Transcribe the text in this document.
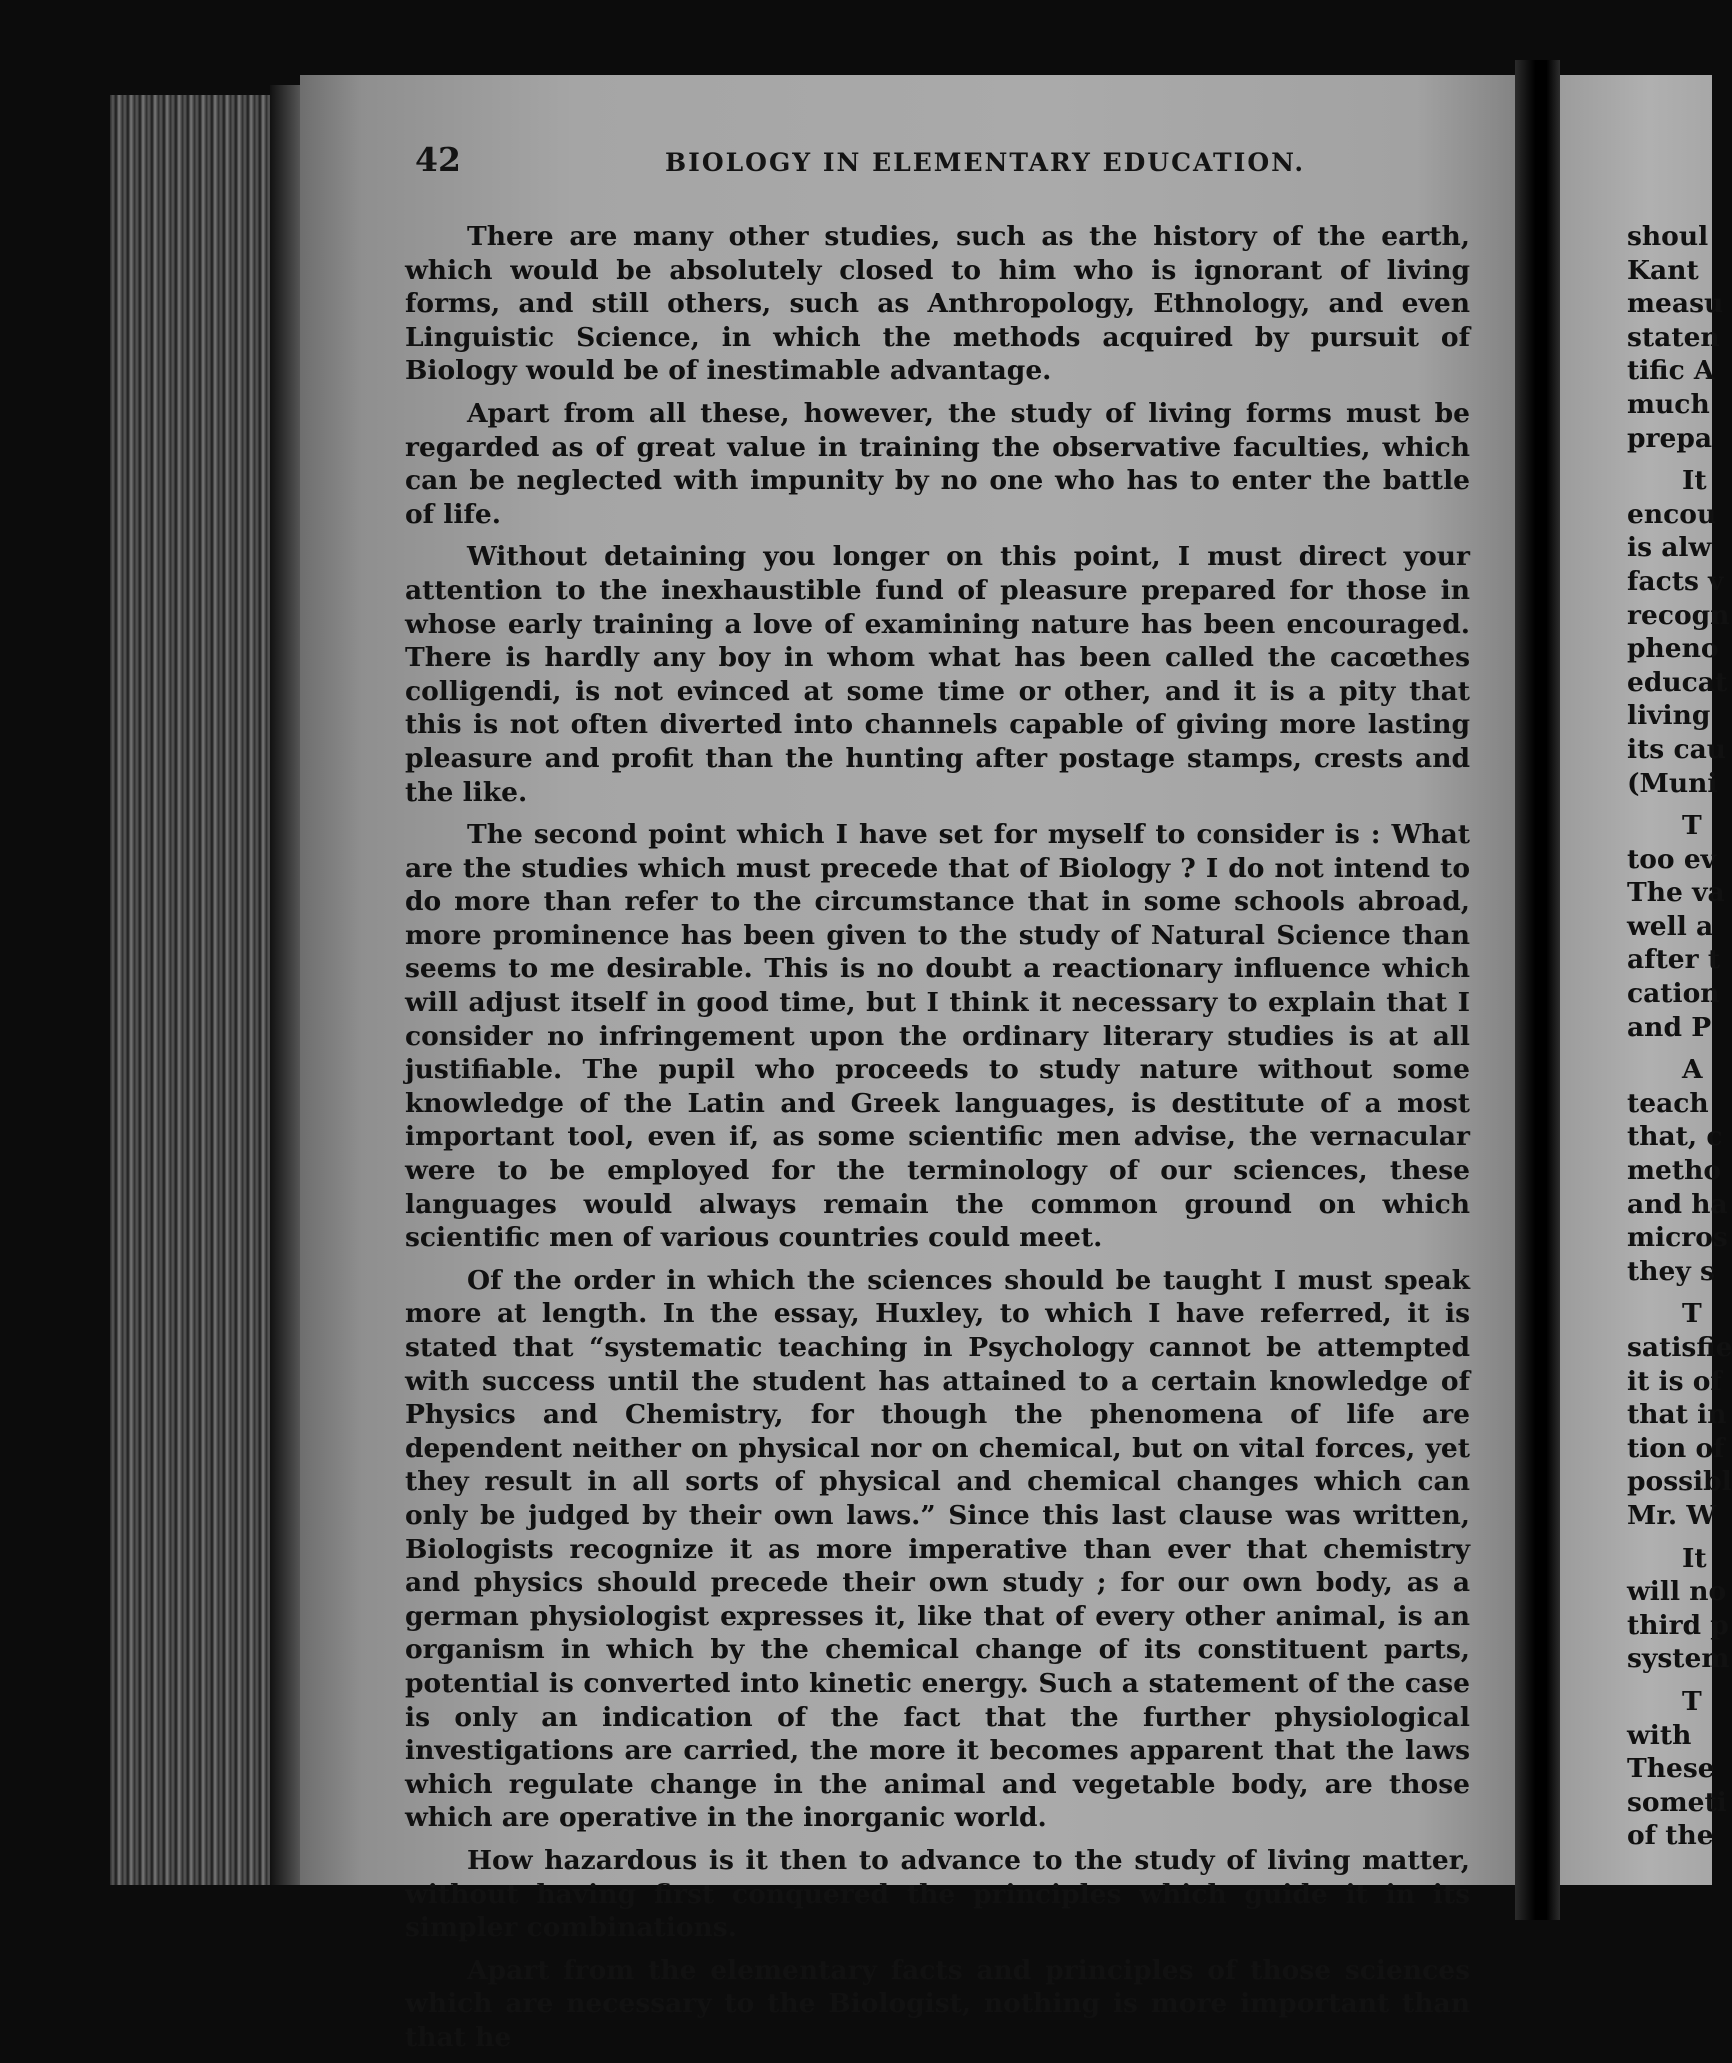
42	BIOLOGY IN ELEMENTARY EDUCATION.

There are many other studies, such as the history of the earth, which would be absolutely closed to him who is ignorant of living forms, and still others, such as Anthropology, Ethnology, and even Linguistic Science, in which the methods acquired by pursuit of Biology would be of inestimable advantage.

Apart from all these, however, the study of living forms must be regarded as of great value in training the observative faculties, which can be neglected with impunity by no one who has to enter the battle of life.

Without detaining you longer on this point, I must direct your attention to the inexhaustible fund of pleasure prepared for those in whose early training a love of examining nature has been encouraged. There is hardly any boy in whom what has been called the cacœthes colligendi, is not evinced at some time or other, and it is a pity that this is not often diverted into channels capable of giving more lasting pleasure and profit than the hunting after postage stamps, crests and the like.

The second point which I have set for myself to consider is : What are the studies which must precede that of Biology ? I do not intend to do more than refer to the circumstance that in some schools abroad, more prominence has been given to the study of Natural Science than seems to me desirable. This is no doubt a reactionary influence which will adjust itself in good time, but I think it necessary to explain that I consider no infringement upon the ordinary literary studies is at all justifiable. The pupil who proceeds to study nature without some knowledge of the Latin and Greek languages, is destitute of a most important tool, even if, as some scientific men advise, the vernacular were to be employed for the terminology of our sciences, these languages would always remain the common ground on which scientific men of various countries could meet.

Of the order in which the sciences should be taught I must speak more at length. In the essay, Huxley, to which I have referred, it is stated that “systematic teaching in Psychology cannot be attempted with success until the student has attained to a certain knowledge of Physics and Chemistry, for though the phenomena of life are dependent neither on physical nor on chemical, but on vital forces, yet they result in all sorts of physical and chemical changes which can only be judged by their own laws.” Since this last clause was written, Biologists recognize it as more imperative than ever that chemistry and physics should precede their own study ; for our own body, as a german physiologist expresses it, like that of every other animal, is an organism in which by the chemical change of its constituent parts, potential is converted into kinetic energy. Such a statement of the case is only an indication of the fact that the further physiological investigations are carried, the more it becomes apparent that the laws which regulate change in the animal and vegetable body, are those which are operative in the inorganic world.

How hazardous is it then to advance to the study of living matter, without having first conquered the principles which guide it in its simpler combinations.

Apart from the elementary facts and principles of those sciences which are necessary to the Biologist, nothing is more important than that he

shoul
Kant
measu
staten
tific A
much
prepa
It
encou
is alw
facts v
recogn
pheno
educat
living
its cau
(Muni
T
too ev
The va
well a
after t
cation
and P
A
teach
that, c
metho
and ha
micros
they s
T
satisfie
it is of
that in
tion of
possibl
Mr. W
It
will no
third p
system
T
with
These
someti
of the
